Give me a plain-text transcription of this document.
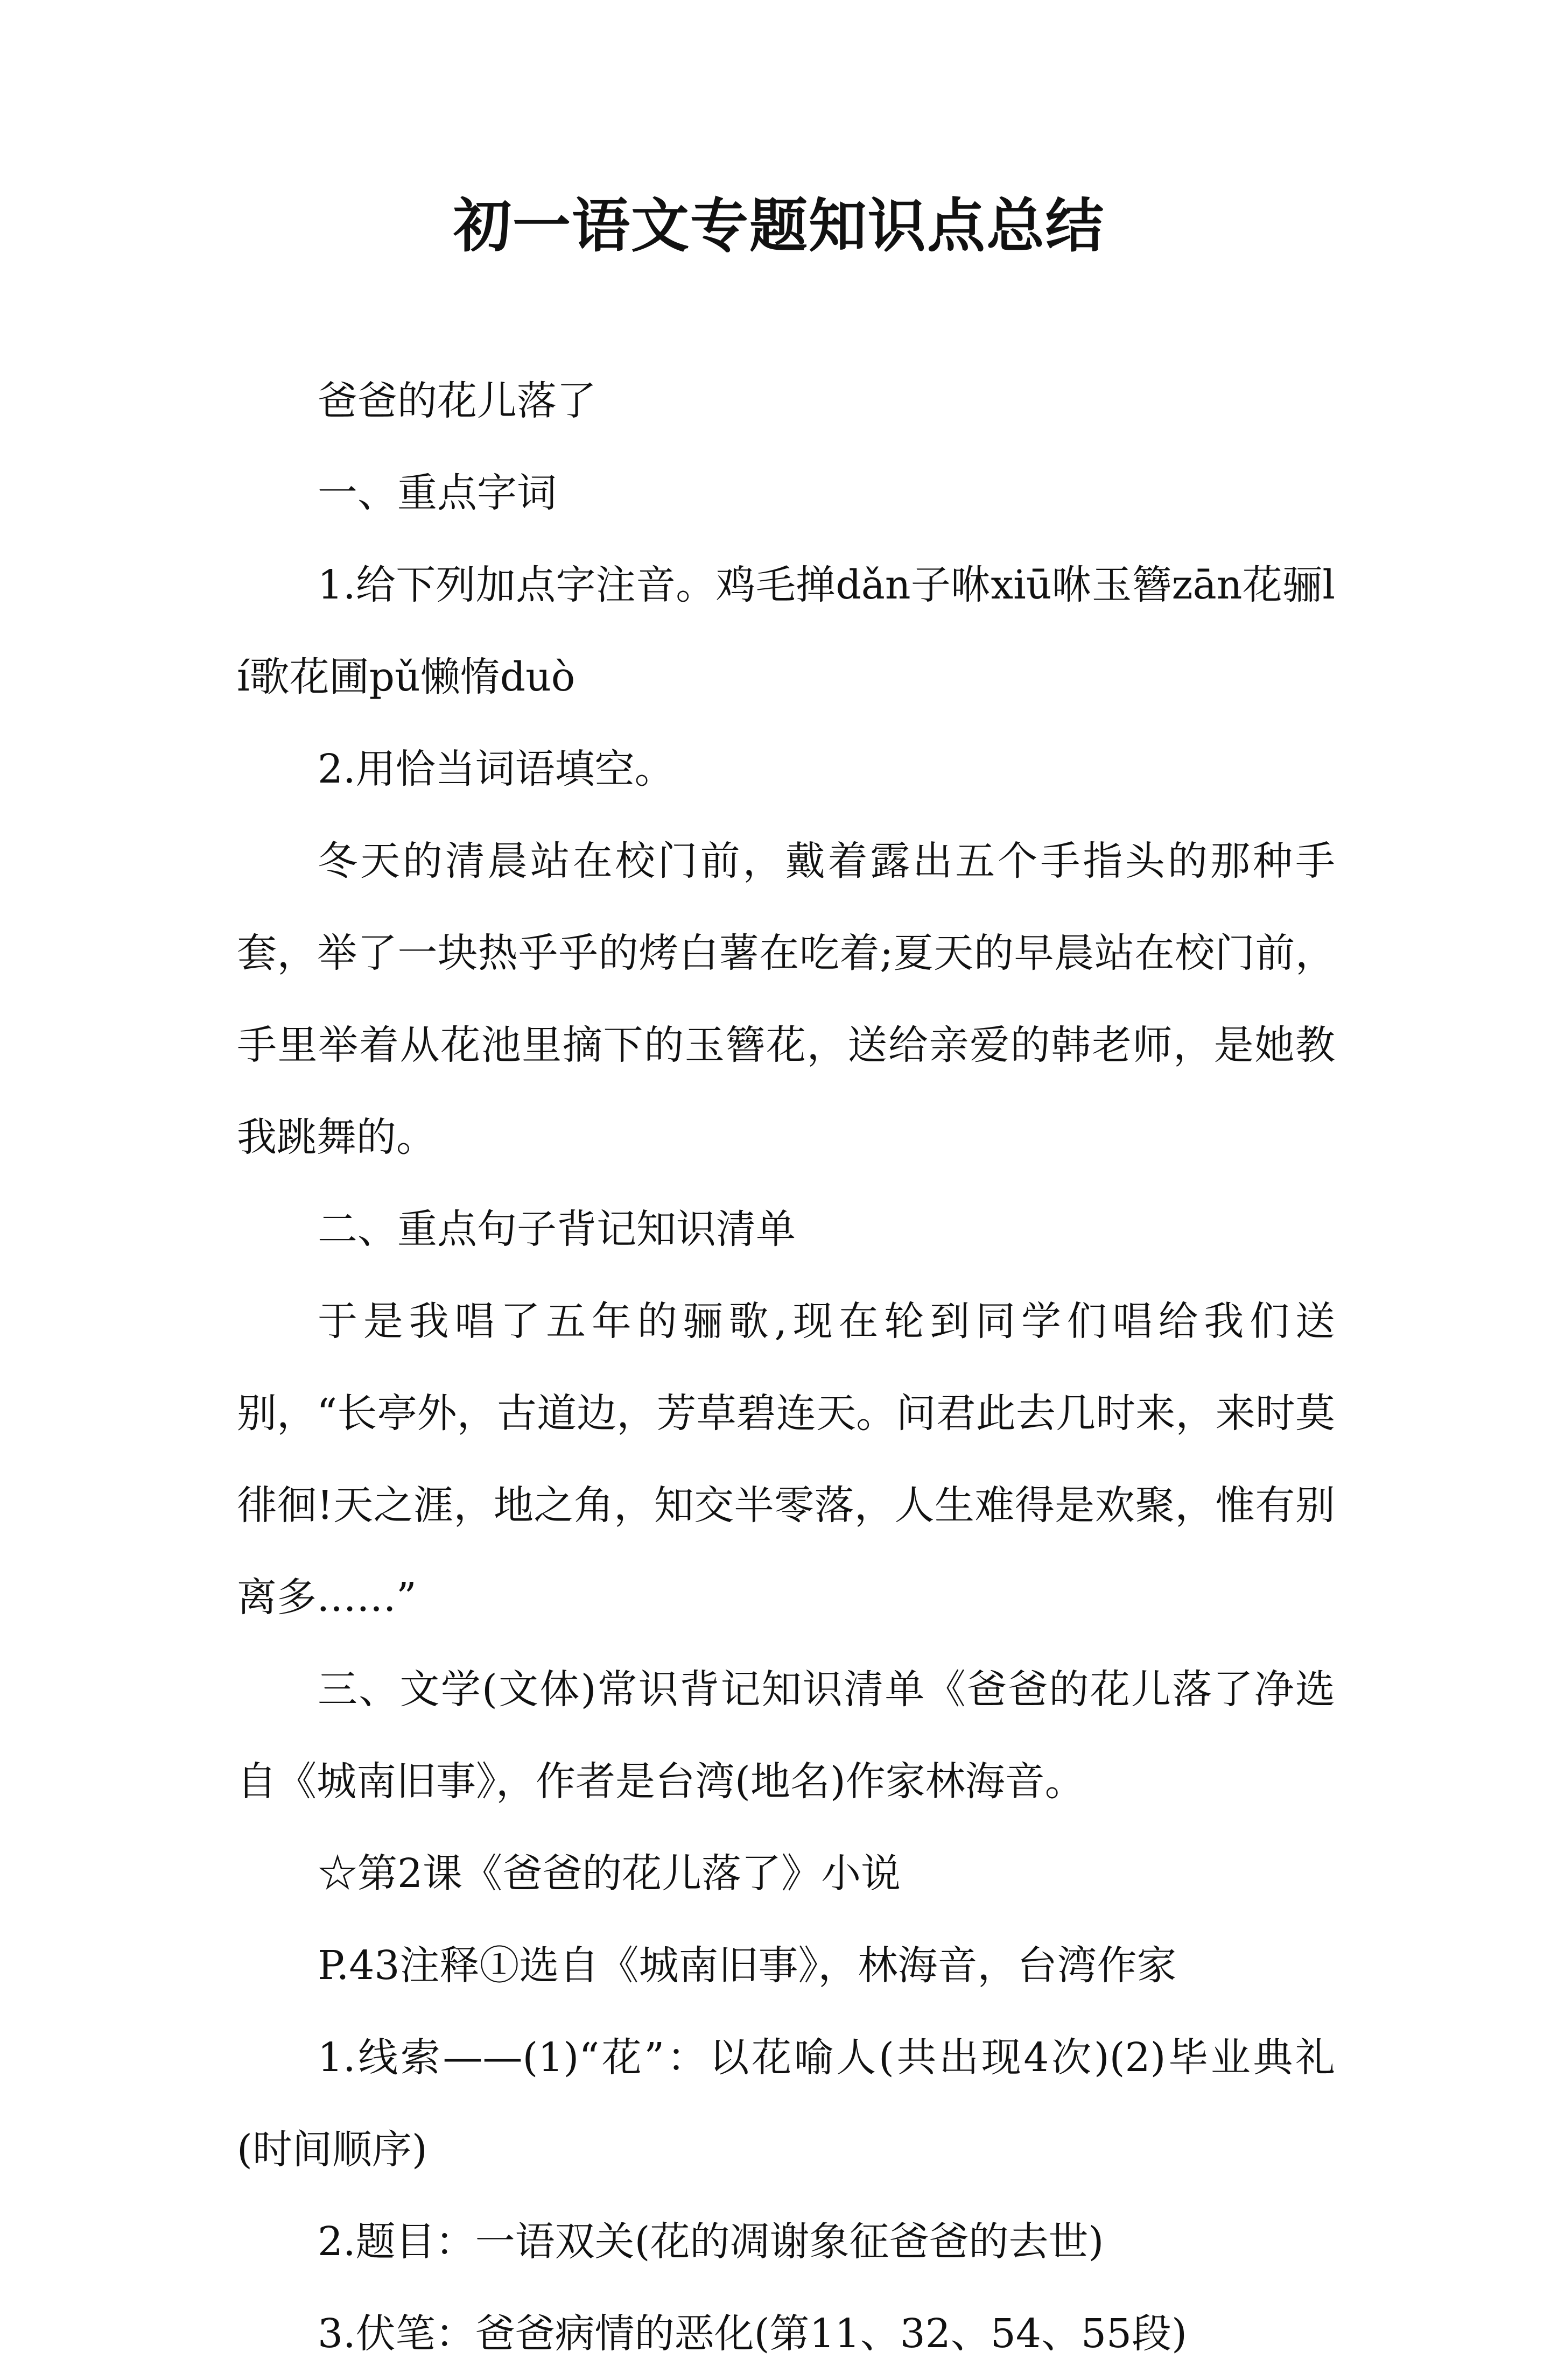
初一语文专题知识点总结

爸爸的花儿落了

一、重点字词

1.给下列加点字注音。鸡毛掸dǎn子咻xiū咻玉簪zān花骊lí歌花圃pǔ懒惰duò

2.用恰当词语填空。

冬天的清晨站在校门前，戴着露出五个手指头的那种手套，举了一块热乎乎的烤白薯在吃着;夏天的早晨站在校门前，手里举着从花池里摘下的玉簪花，送给亲爱的韩老师，是她教我跳舞的。

二、重点句子背记知识清单

于是我唱了五年的骊歌,现在轮到同学们唱给我们送别，“长亭外，古道边，芳草碧连天。问君此去几时来，来时莫徘徊!天之涯，地之角，知交半零落，人生难得是欢聚，惟有别离多……”

三、文学(文体)常识背记知识清单《爸爸的花儿落了净选自《城南旧事》，作者是台湾(地名)作家林海音。

☆第2课《爸爸的花儿落了》小说

P.43注释①选自《城南旧事》，林海音，台湾作家

1.线索——(1)“花”：以花喻人(共出现4次)(2)毕业典礼(时间顺序)

2.题目：一语双关(花的凋谢象征爸爸的去世)

3.伏笔：爸爸病情的恶化(第11、32、54、55段)
